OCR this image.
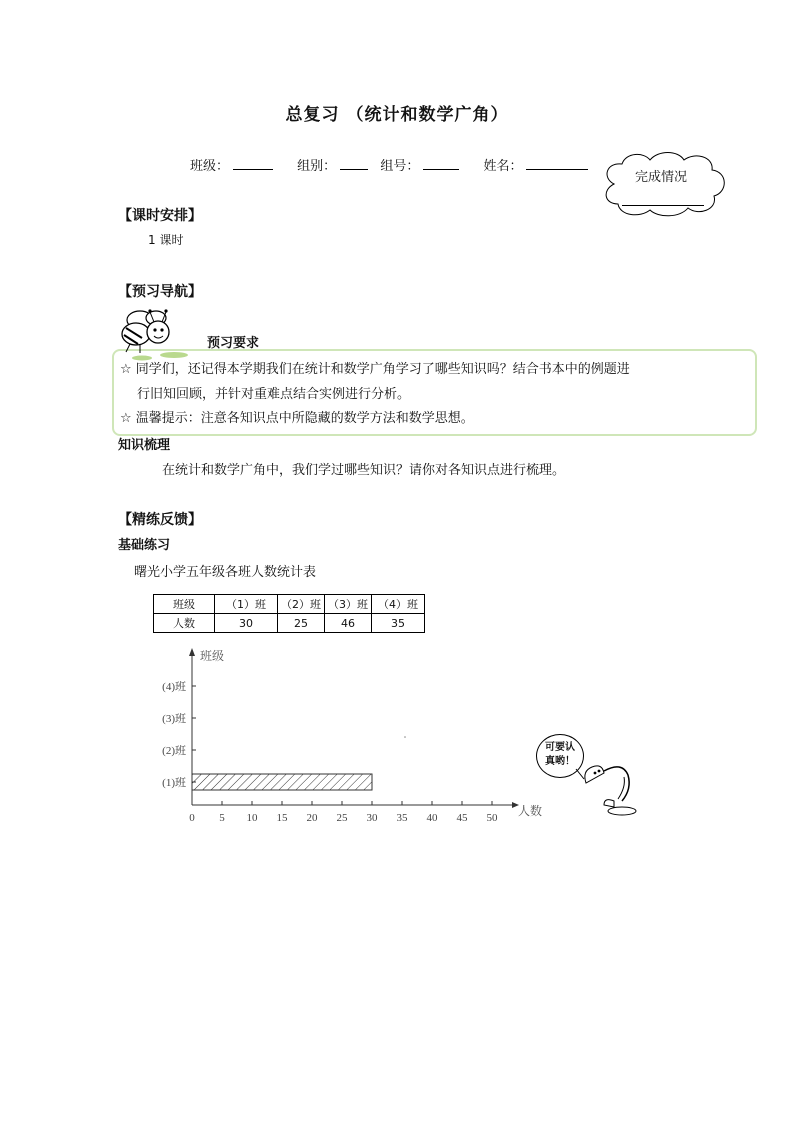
总复习 （统计和数学广角）
班级：	组别：	组号：	姓名：
完成情况
【课时安排】
1 课时
【预习导航】
预习要求
☆ 同学们，还记得本学期我们在统计和数学广角学习了哪些知识吗？结合书本中的例题进
行旧知回顾，并针对重难点结合实例进行分析。
☆ 温馨提示：注意各知识点中所隐藏的数学方法和数学思想。
知识梳理
在统计和数学广角中，我们学过哪些知识？请你对各知识点进行梳理。
【精练反馈】
基础练习
曙光小学五年级各班人数统计表
班级	（1）班	（2）班	（3）班	（4）班
人数	30	25	46	35
班级
人数
0 5 10 15 20 25 30 35 40 45 50
(1)班
(2)班
(3)班
(4)班
可要认
真哟！
